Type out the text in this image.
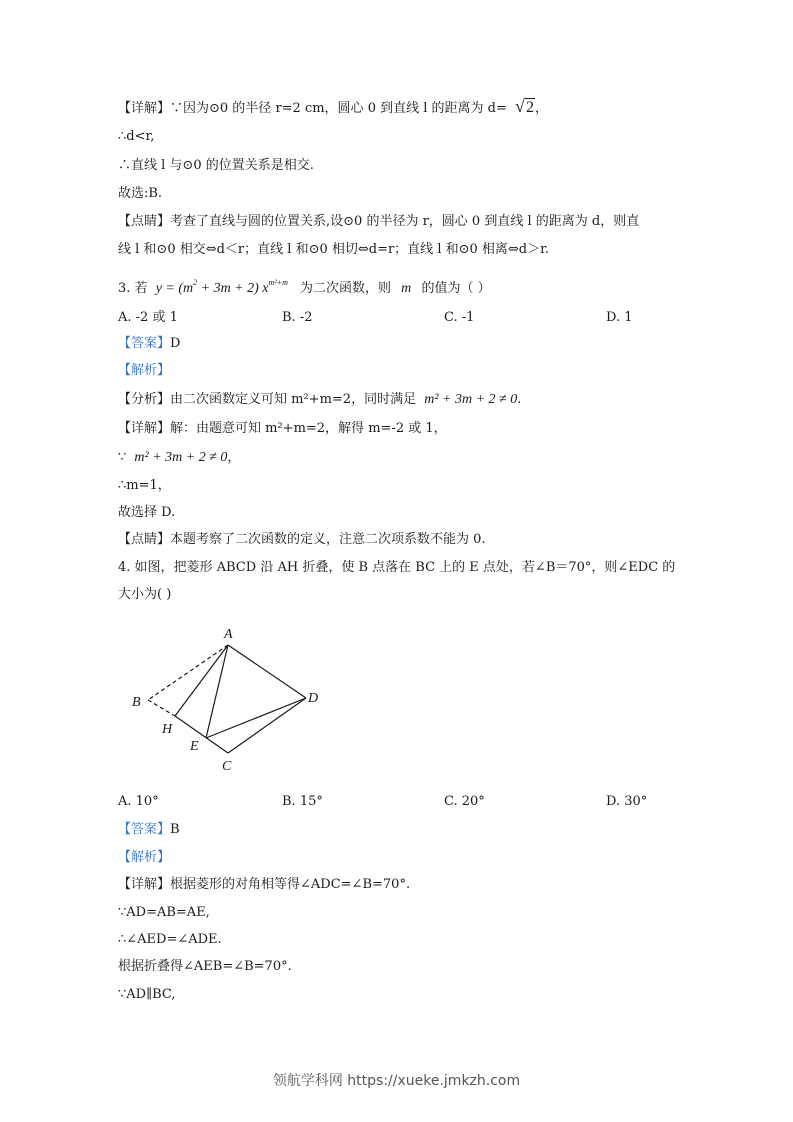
【详解】∵因为⊙0 的半径 r=2 cm，圆心 0 到直线 l 的距离为 d= √ 2，
∴d<r,
∴直线 l 与⊙0 的位置关系是相交.
故选:B.
【点睛】考查了直线与圆的位置关系,设⊙0 的半径为 r，圆心 0 到直线 l 的距离为 d，则直
线 l 和⊙0 相交⇔d＜r；直线 l 和⊙0 相切⇔d=r；直线 l 和⊙0 相离⇔d＞r.
3. 若 $y = (m^2 + 3m + 2)$ $x^{m^2+m}$ 为二次函数，则 m 的值为（ ）
A. -2 或 1	B. -2	C. -1	D. 1
【答案】D
【解析】
【分析】由二次函数定义可知 m²+m=2，同时满足 m² + 3m + 2 ≠ 0.
【详解】解：由题意可知 m²+m=2，解得 m=-2 或 1，
∵ m² + 3m + 2 ≠ 0，
∴m=1，
故选择 D.
【点睛】本题考察了二次函数的定义，注意二次项系数不能为 0.
4. 如图，把菱形 ABCD 沿 AH 折叠，使 B 点落在 BC 上的 E 点处，若∠B＝70°，则∠EDC 的
大小为( )
A
B
H
E
C
D
A. 10°	B. 15°	C. 20°	D. 30°
【答案】B
【解析】
【详解】根据菱形的对角相等得∠ADC=∠B=70°.
∵AD=AB=AE,
∴∠AED=∠ADE.
根据折叠得∠AEB=∠B=70°.
∵AD∥BC,
领航学科网 https://xueke.jmkzh.com
